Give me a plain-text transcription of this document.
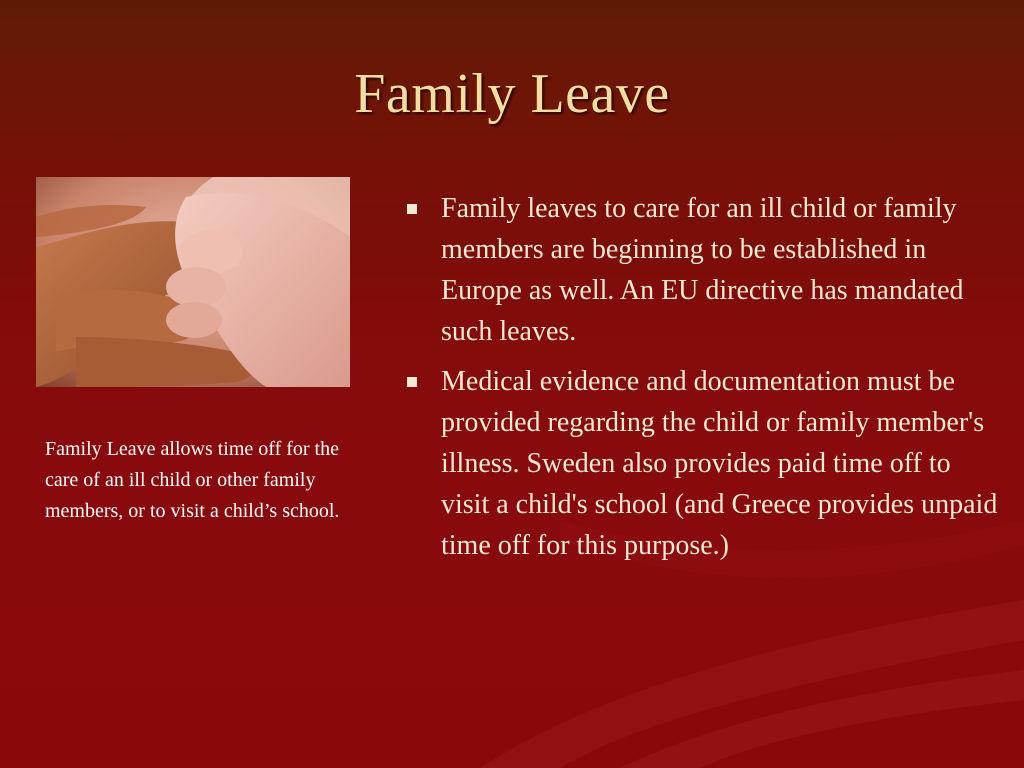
Family Leave
Family Leave allows time off for the care of an ill child or other family members, or to visit a child’s school.
Family leaves to care for an ill child or family members are beginning to be established in Europe as well. An EU directive has mandated such leaves.
Medical evidence and documentation must be provided regarding the child or family member's illness. Sweden also provides paid time off to visit a child's school (and Greece provides unpaid time off for this purpose.)
